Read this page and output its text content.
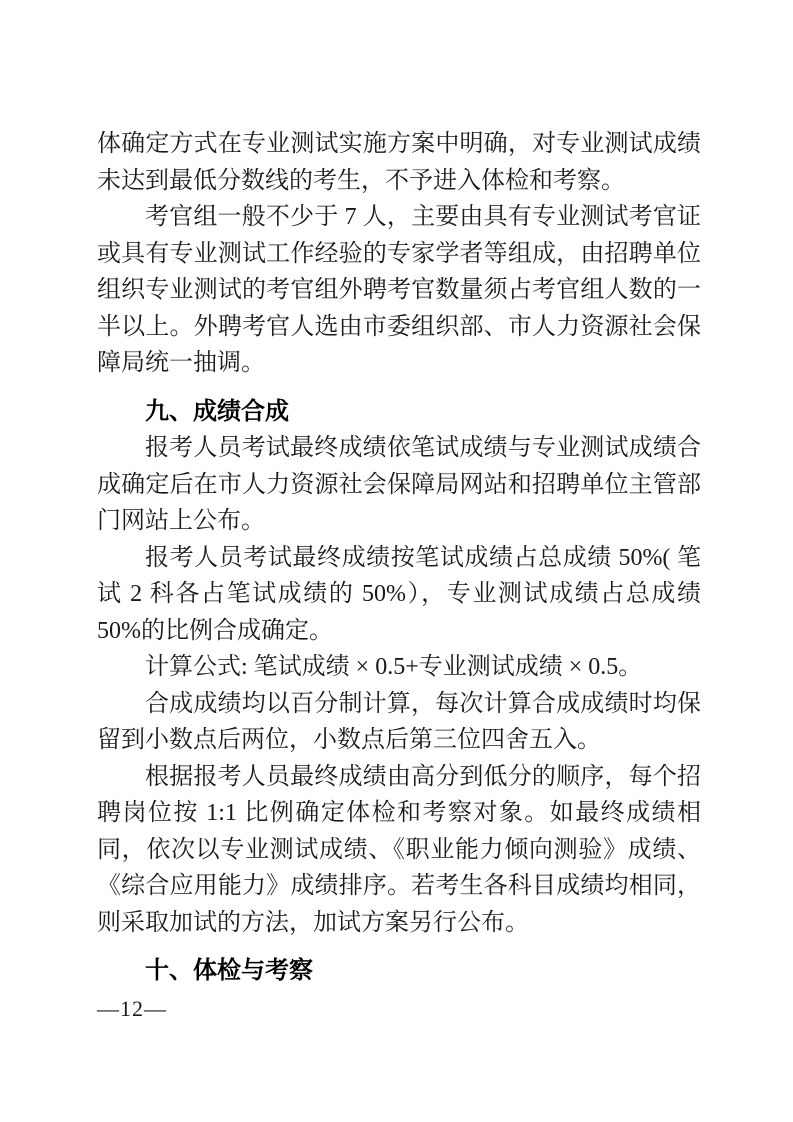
体确定方式在专业测试实施方案中明确，对专业测试成绩未达到最低分数线的考生，不予进入体检和考察。

考官组一般不少于 7 人，主要由具有专业测试考官证或具有专业测试工作经验的专家学者等组成，由招聘单位组织专业测试的考官组外聘考官数量须占考官组人数的一半以上。外聘考官人选由市委组织部、市人力资源社会保障局统一抽调。

九、成绩合成

报考人员考试最终成绩依笔试成绩与专业测试成绩合成确定后在市人力资源社会保障局网站和招聘单位主管部门网站上公布。

报考人员考试最终成绩按笔试成绩占总成绩 50%( 笔试 2 科各占笔试成绩的 50%），专业测试成绩占总成绩 50%的比例合成确定。

计算公式: 笔试成绩 × 0.5+专业测试成绩 × 0.5。

合成成绩均以百分制计算，每次计算合成成绩时均保留到小数点后两位，小数点后第三位四舍五入。

根据报考人员最终成绩由高分到低分的顺序，每个招聘岗位按 1:1 比例确定体检和考察对象。如最终成绩相同，依次以专业测试成绩、《职业能力倾向测验》成绩、《综合应用能力》成绩排序。若考生各科目成绩均相同，则采取加试的方法，加试方案另行公布。

十、体检与考察
—12—
